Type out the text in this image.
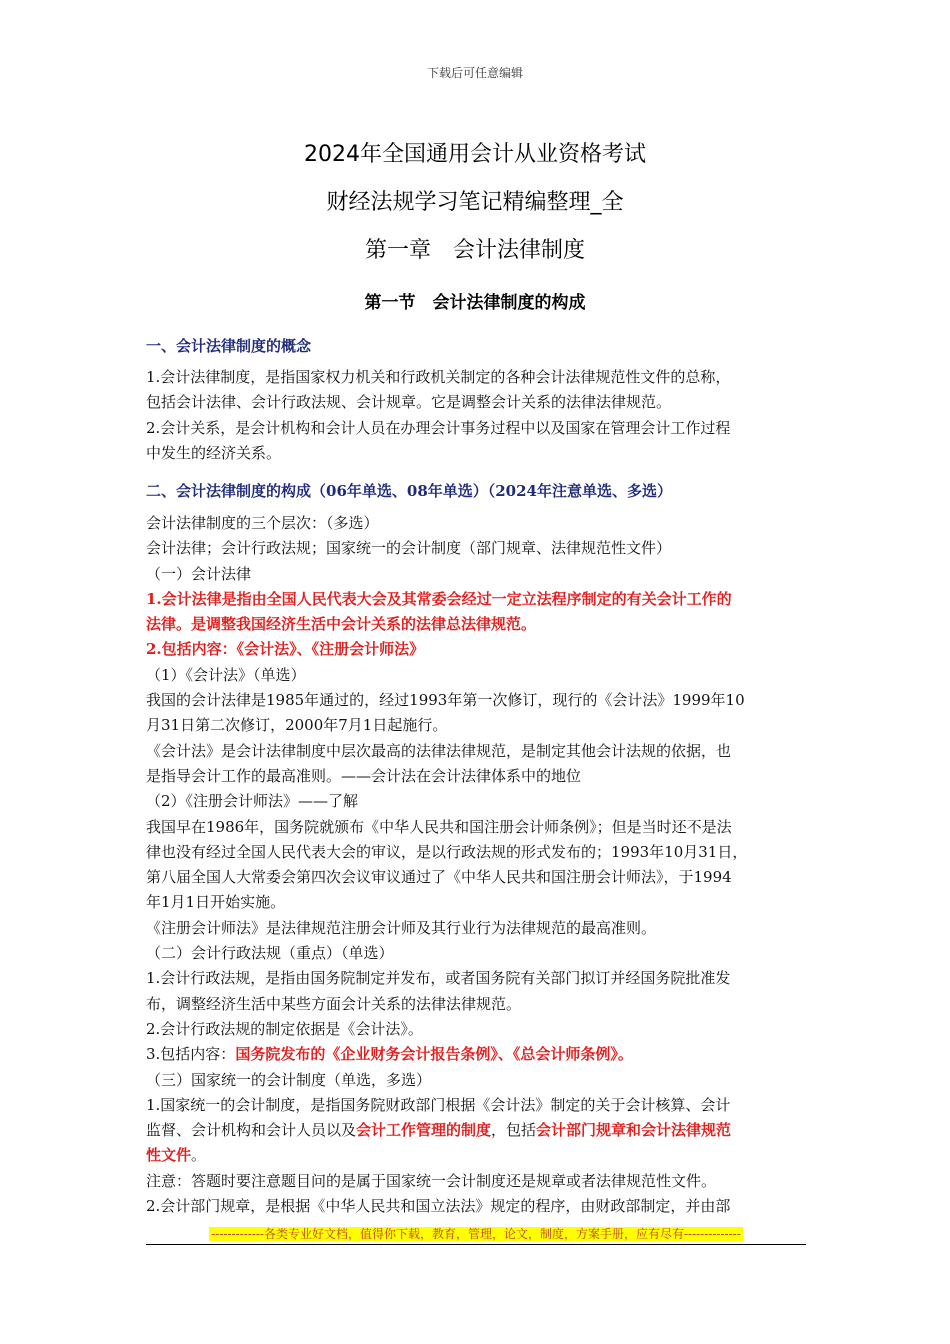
下载后可任意编辑
2024年全国通用会计从业资格考试
财经法规学习笔记精编整理_全
第一章　会计法律制度
第一节　会计法律制度的构成
一、会计法律制度的概念

1.会计法律制度，是指国家权力机关和行政机关制定的各种会计法律规范性文件的总称，

包括会计法律、会计行政法规、会计规章。它是调整会计关系的法律法律规范。

2.会计关系，是会计机构和会计人员在办理会计事务过程中以及国家在管理会计工作过程

中发生的经济关系。

二、会计法律制度的构成（06年单选、08年单选）（2024年注意单选、多选）

会计法律制度的三个层次：（多选）

会计法律；会计行政法规；国家统一的会计制度（部门规章、法律规范性文件）

（一）会计法律

1.会计法律是指由全国人民代表大会及其常委会经过一定立法程序制定的有关会计工作的

法律。是调整我国经济生活中会计关系的法律总法律规范。

2.包括内容：《会计法》、《注册会计师法》

（1）《会计法》（单选）

我国的会计法律是1985年通过的，经过1993年第一次修订，现行的《会计法》1999年10

月31日第二次修订，2000年7月1日起施行。

《会计法》是会计法律制度中层次最高的法律法律规范，是制定其他会计法规的依据，也

是指导会计工作的最高准则。——会计法在会计法律体系中的地位

（2）《注册会计师法》——了解

我国早在1986年，国务院就颁布《中华人民共和国注册会计师条例》；但是当时还不是法

律也没有经过全国人民代表大会的审议，是以行政法规的形式发布的；1993年10月31日，

第八届全国人大常委会第四次会议审议通过了《中华人民共和国注册会计师法》，于1994

年1月1日开始实施。

《注册会计师法》是法律规范注册会计师及其行业行为法律规范的最高准则。

（二）会计行政法规（重点）（单选）

1.会计行政法规，是指由国务院制定并发布，或者国务院有关部门拟订并经国务院批准发

布，调整经济生活中某些方面会计关系的法律法律规范。

2.会计行政法规的制定依据是《会计法》。

3.包括内容：国务院发布的《企业财务会计报告条例》、《总会计师条例》。

（三）国家统一的会计制度（单选，多选）

1.国家统一的会计制度，是指国务院财政部门根据《会计法》制定的关于会计核算、会计

监督、会计机构和会计人员以及会计工作管理的制度，包括会计部门规章和会计法律规范

性文件。

注意：答题时要注意题目问的是属于国家统一会计制度还是规章或者法律规范性文件。

2.会计部门规章，是根据《中华人民共和国立法法》规定的程序，由财政部制定，并由部

-------------各类专业好文档，值得你下载，教育，管理，论文，制度，方案手册，应有尽有--------------
